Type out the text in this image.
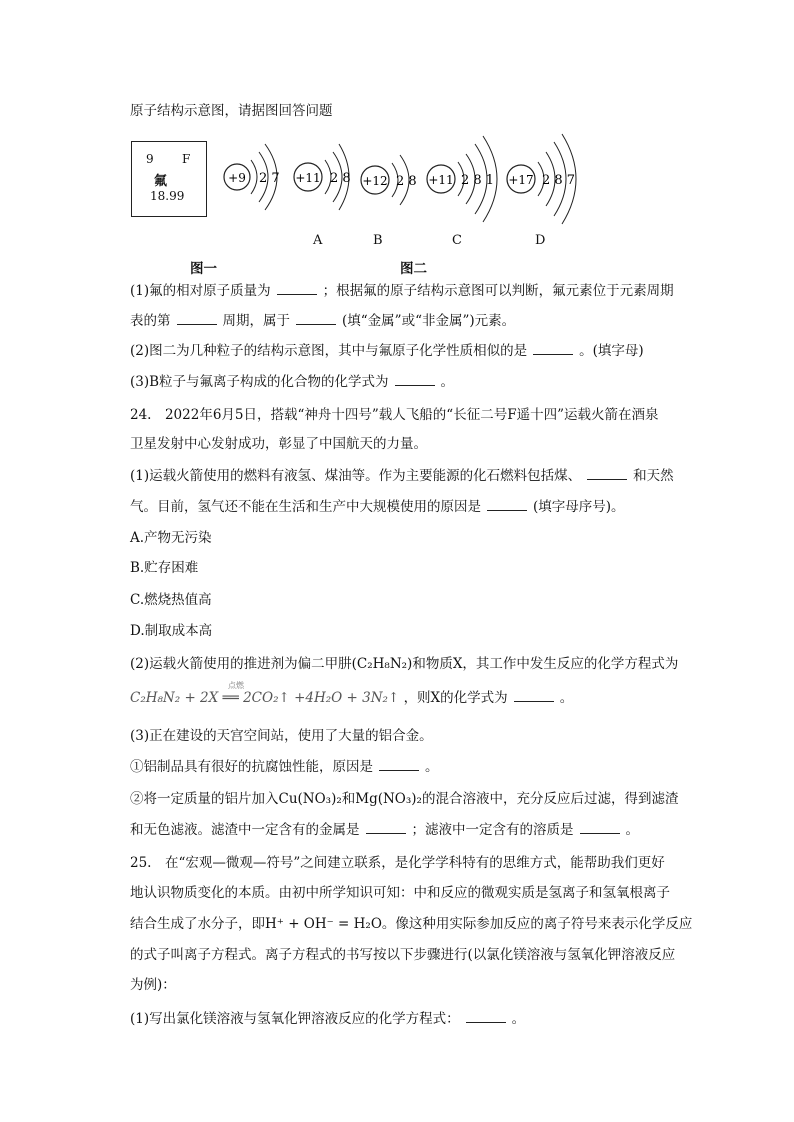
原子结构示意图，请据图回答问题
9 F
氟
18.99
+9 2 7 +11 2 8 +12 2 8 +11 2 8 1 +17 2 8 7
A	B	C	D
图一	图二
(1)氟的相对原子质量为	；根据氟的原子结构示意图可以判断，氟元素位于元素周期
表的第	周期，属于	(填“金属”或“非金属”)元素。
(2)图二为几种粒子的结构示意图，其中与氟原子化学性质相似的是	。(填字母)
(3)B粒子与氟离子构成的化合物的化学式为	。
24.　2022年6月5日，搭载“神舟十四号”载人飞船的“长征二号F遥十四”运载火箭在酒泉
卫星发射中心发射成功，彰显了中国航天的力量。
(1)运载火箭使用的燃料有液氢、煤油等。作为主要能源的化石燃料包括煤、	和天然
气。目前，氢气还不能在生活和生产中大规模使用的原因是	(填字母序号)。
A.产物无污染
B.贮存困难
C.燃烧热值高
D.制取成本高
(2)运载火箭使用的推进剂为偏二甲肼(C₂H₈N₂)和物质X，其工作中发生反应的化学方程式为
C₂H₈N₂ + 2X ══ 2CO₂↑ +4H₂O + 3N₂↑
点燃
，则X的化学式为	。
(3)正在建设的天宫空间站，使用了大量的铝合金。
①铝制品具有很好的抗腐蚀性能，原因是	。
②将一定质量的铝片加入Cu(NO₃)₂和Mg(NO₃)₂的混合溶液中，充分反应后过滤，得到滤渣
和无色滤液。滤渣中一定含有的金属是	；滤液中一定含有的溶质是	。
25.　在“宏观—微观—符号”之间建立联系，是化学学科特有的思维方式，能帮助我们更好
地认识物质变化的本质。由初中所学知识可知：中和反应的微观实质是氢离子和氢氧根离子
结合生成了水分子，即H⁺ + OH⁻ = H₂O。像这种用实际参加反应的离子符号来表示化学反应
的式子叫离子方程式。离子方程式的书写按以下步骤进行(以氯化镁溶液与氢氧化钾溶液反应
为例)：
(1)写出氯化镁溶液与氢氧化钾溶液反应的化学方程式：	。
